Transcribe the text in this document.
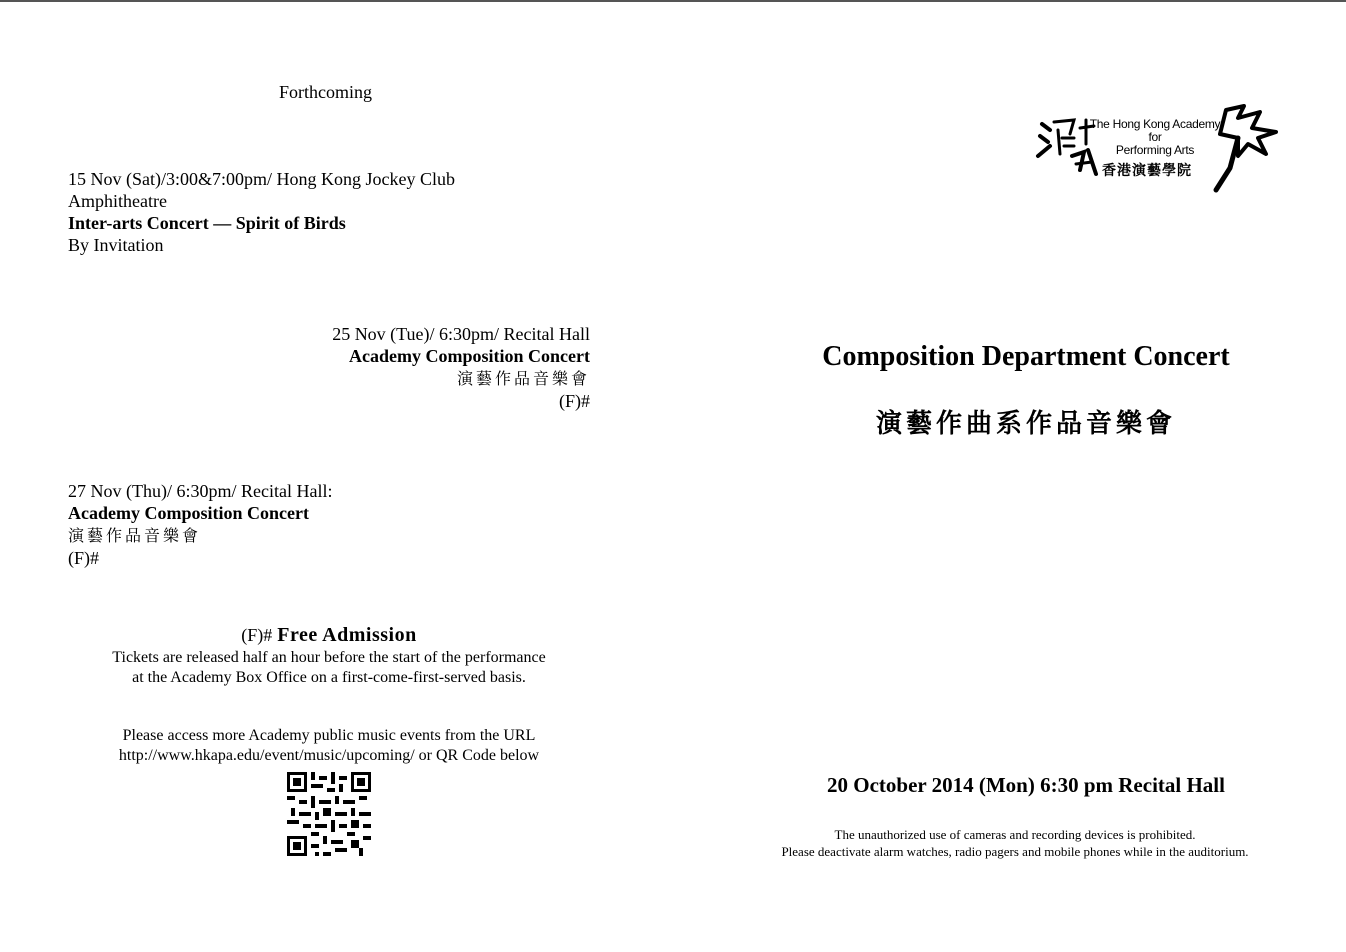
Forthcoming
15 Nov (Sat)/3:00&7:00pm/ Hong Kong Jockey Club
Amphitheatre
Inter-arts Concert — Spirit of Birds
By Invitation
25 Nov (Tue)/ 6:30pm/ Recital Hall
Academy Composition Concert
演藝作品音樂會
(F)#
27 Nov (Thu)/ 6:30pm/ Recital Hall:
Academy Composition Concert
演藝作品音樂會
(F)#
(F)# Free Admission
Tickets are released half an hour before the start of the performance
at the Academy Box Office on a first-come-first-served basis.
Please access more Academy public music events from the URL
http://www.hkapa.edu/event/music/upcoming/ or QR Code below
The Hong Kong Academy
for
Performing Arts
香港演藝學院
Composition Department Concert
演藝作曲系作品音樂會
20 October 2014 (Mon) 6:30 pm Recital Hall
The unauthorized use of cameras and recording devices is prohibited.
Please deactivate alarm watches, radio pagers and mobile phones while in the auditorium.
